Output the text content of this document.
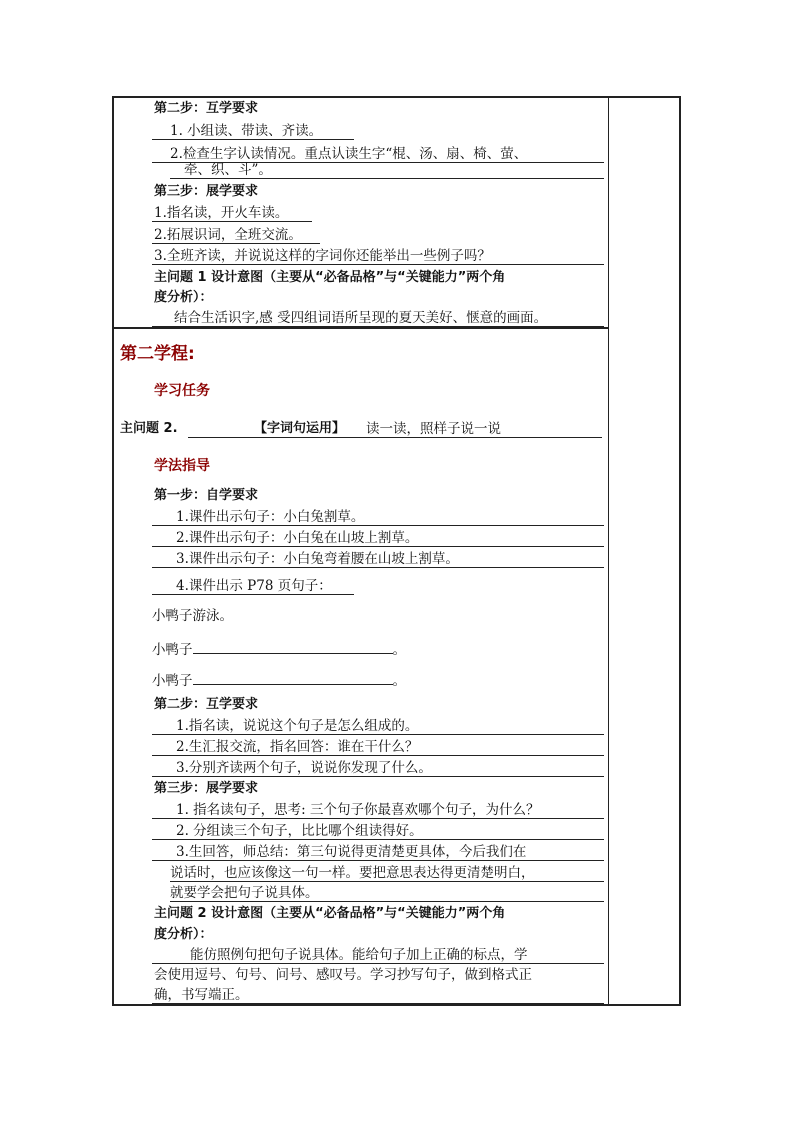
第二步：互学要求
1. 小组读、带读、齐读。
2.检查生字认读情况。重点认读生字“棍、汤、扇、椅、萤、
牵、织、斗”。
第三步：展学要求
1.指名读，开火车读。
2.拓展识词，全班交流。
3.全班齐读，并说说这样的字词你还能举出一些例子吗？
主问题 1 设计意图（主要从“必备品格”与“关键能力”两个角
度分析）：
结合生活识字,感 受四组词语所呈现的夏天美好、惬意的画面。
第二学程:
学习任务
主问题 2.	【字词句运用】 读一读，照样子说一说
学法指导
第一步：自学要求
1.课件出示句子：小白兔割草。
2.课件出示句子：小白兔在山坡上割草。
3.课件出示句子：小白兔弯着腰在山坡上割草。
4.课件出示 P78 页句子：
小鸭子游泳。
小鸭子	。
小鸭子	。
第二步：互学要求
1.指名读，说说这个句子是怎么组成的。
2.生汇报交流，指名回答：谁在干什么？
3.分别齐读两个句子，说说你发现了什么。
第三步：展学要求
1. 指名读句子，思考: 三个句子你最喜欢哪个句子，为什么？
2. 分组读三个句子，比比哪个组读得好。
3.生回答，师总结：第三句说得更清楚更具体，今后我们在
说话时，也应该像这一句一样。要把意思表达得更清楚明白，
就要学会把句子说具体。
主问题 2 设计意图（主要从“必备品格”与“关键能力”两个角
度分析）：
能仿照例句把句子说具体。能给句子加上正确的标点，学
会使用逗号、句号、问号、感叹号。学习抄写句子，做到格式正
确，书写端正。
